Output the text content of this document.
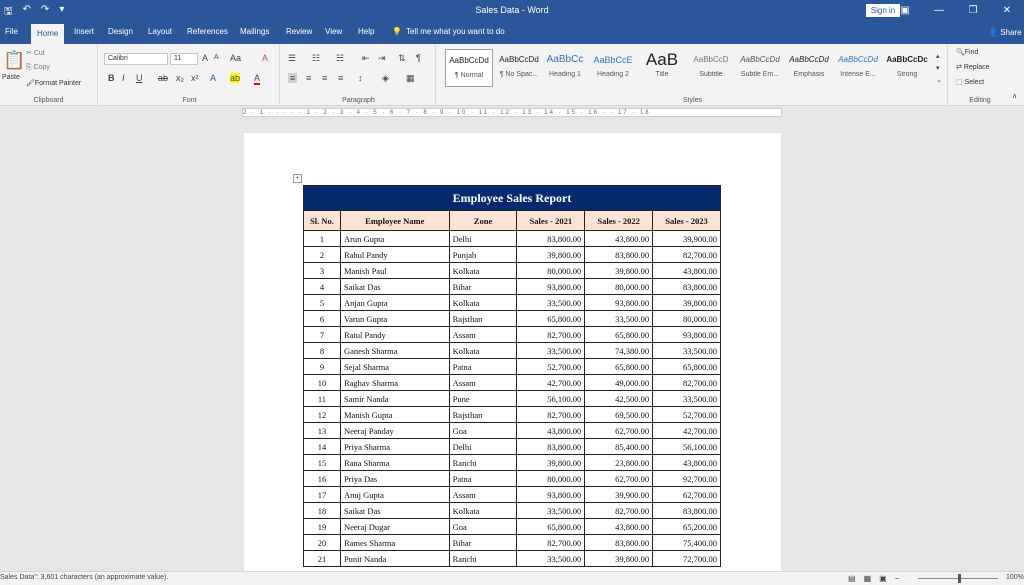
🖫 ↶ ↷ ▾	Sales Data - Word	Sign in ▣	—	❐	✕
File	Home	Insert Design Layout References Mailings Review View Help 💡 Tell me what you want to do	👤 Share
📋
Paste
✂ Cut
⎘ Copy
🖌Format Painter
Clipboard
Calibri	11	A A Aa A
B I U ab x₂ x² A ab A
Font
☰ ☷ ☵ ⇤ ⇥ ⇅ ¶
≡ ≡ ≡ ≡ ↕ ◈ ▦
Paragraph
AaBbCcDd
¶ Normal
AaBbCcDd
¶ No Spac...
AaBbCc
Heading 1
AaBbCcE
Heading 2
AaB
Title
AaBbCcD
Subtitle
AaBbCcDd
Subtle Em...
AaBbCcDd
Emphasis
AaBbCcDd
Intense E...
AaBbCcDc
Strong
▴
▾
⌄
Styles
🔍Find
⇄ Replace
⬚ Select
Editing
∧
2 · 1 · · · ∙ · 1 · 2 · 3 · 4 · 5 · 6 · 7 · 8 · 9 · 10 · 11 · 12 · 13 · 14 · 15 · 16 · · 17 · 18
+
Employee Sales Report					
Sl. No.	Employee Name	Zone	Sales - 2021	Sales - 2022	Sales - 2023
1	Arun Gupta	Delhi	83,800.00	43,800.00	39,900.00
2	Rahul Pandy	Punjab	39,800.00	83,800.00	82,700.00
3	Manish Paul	Kolkata	80,000.00	39,800.00	43,800.00
4	Saikat Das	Bihar	93,800.00	80,000.00	83,800.00
5	Anjan Gupta	Kolkata	33,500.00	93,800.00	39,800.00
6	Varun Gupta	Rajsthan	65,800.00	33,500.00	80,000.00
7	Ratul Pandy	Assam	82,700.00	65,800.00	93,800.00
8	Ganesh Sharma	Kolkata	33,500.00	74,380.00	33,500.00
9	Sejal Sharma	Patna	52,700.00	65,800.00	65,800.00
10	Raghav Sharma	Assam	42,700.00	49,000.00	82,700.00
11	Samir Nanda	Pune	56,100.00	42,500.00	33,500.00
12	Manish Gupta	Rajsthan	82,700.00	69,500.00	52,700.00
13	Neeraj Panday	Goa	43,800.00	62,700.00	42,700.00
14	Priya Sharma	Delhi	83,800.00	85,400.00	56,100.00
15	Rana Sharma	Ranchi	39,800.00	23,800.00	43,800.00
16	Priya Das	Patna	80,000.00	62,700.00	92,700.00
17	Anuj Gupta	Assam	93,800.00	39,900.00	62,700.00
18	Saikat Das	Kolkata	33,500.00	82,700.00	83,800.00
19	Neeraj Dugar	Goa	65,800.00	43,800.00	65,200.00
20	Rames Sharma	Bihar	82,700.00	83,800.00	75,400.00
21	Punit Nanda	Ranchi	33,500.00	39,800.00	72,700.00
Sales Data": 3,601 characters (an approximate value).	▤ ▦ ▣ −	100%
